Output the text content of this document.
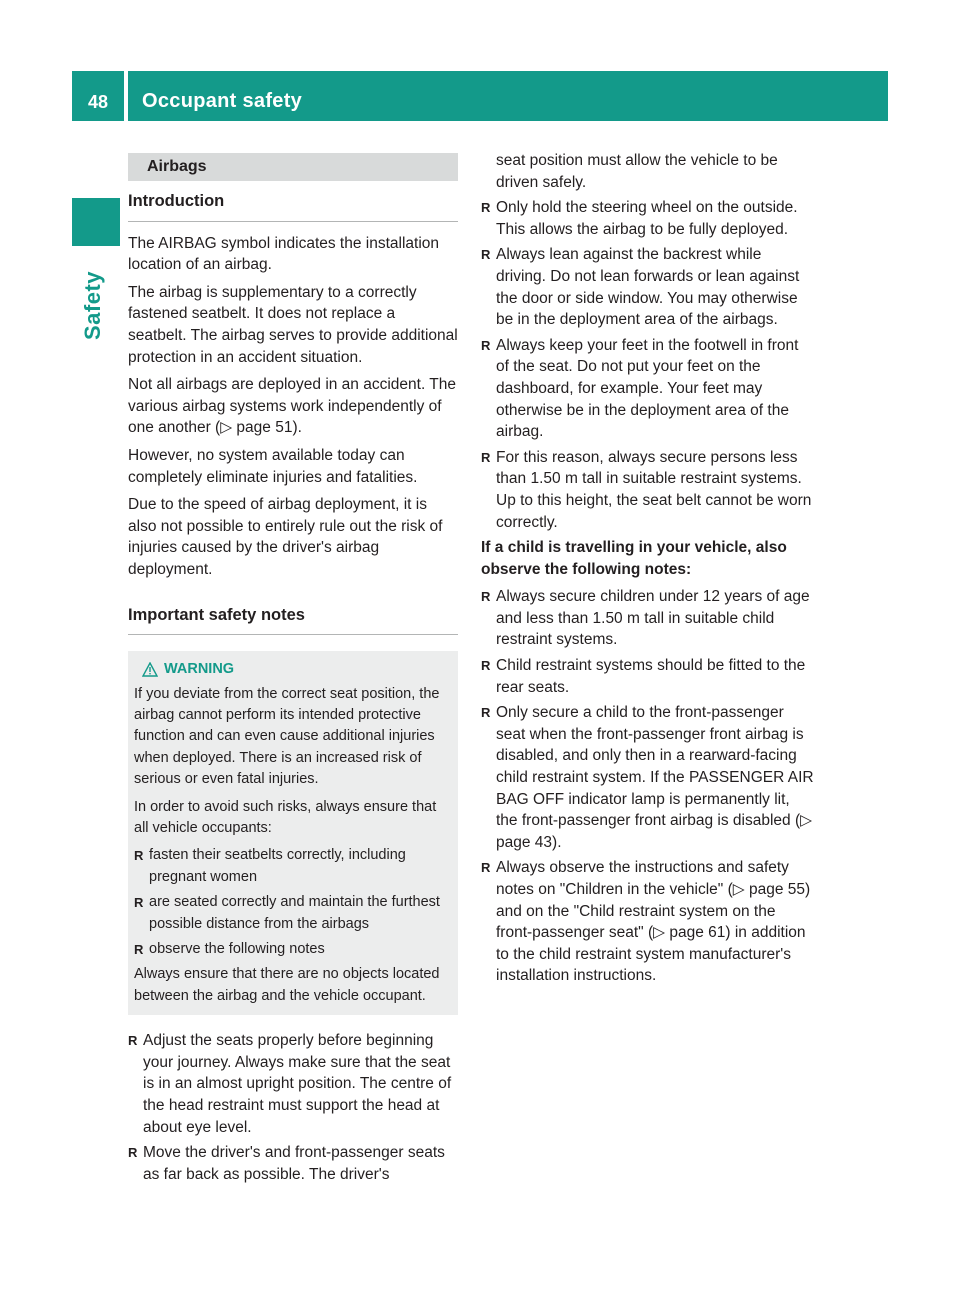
48	Occupant safety
Safety
Airbags
Introduction

The AIRBAG symbol indicates the installation location of an airbag.

The airbag is supplementary to a correctly fastened seatbelt. It does not replace a seatbelt. The airbag serves to provide additional protection in an accident situation.

Not all airbags are deployed in an accident. The various airbag systems work independently of one another (▷ page 51).

However, no system available today can completely eliminate injuries and fatalities.

Due to the speed of airbag deployment, it is also not possible to entirely rule out the risk of injuries caused by the driver's airbag deployment.

Important safety notes
WARNING

If you deviate from the correct seat position, the airbag cannot perform its intended protective function and can even cause additional injuries when deployed. There is an increased risk of serious or even fatal injuries.

In order to avoid such risks, always ensure that all vehicle occupants:

R fasten their seatbelts correctly, including pregnant women
R are seated correctly and maintain the furthest possible distance from the airbags
R observe the following notes

Always ensure that there are no objects located between the airbag and the vehicle occupant.

R Adjust the seats properly before beginning your journey. Always make sure that the seat is in an almost upright position. The centre of the head restraint must support the head at about eye level.
R Move the driver's and front-passenger seats as far back as possible. The driver's

seat position must allow the vehicle to be driven safely.

R Only hold the steering wheel on the outside. This allows the airbag to be fully deployed.
R Always lean against the backrest while driving. Do not lean forwards or lean against the door or side window. You may otherwise be in the deployment area of the airbags.
R Always keep your feet in the footwell in front of the seat. Do not put your feet on the dashboard, for example. Your feet may otherwise be in the deployment area of the airbag.
R For this reason, always secure persons less than 1.50 m tall in suitable restraint systems. Up to this height, the seat belt cannot be worn correctly.

If a child is travelling in your vehicle, also observe the following notes:

R Always secure children under 12 years of age and less than 1.50 m tall in suitable child restraint systems.
R Child restraint systems should be fitted to the rear seats.
R Only secure a child to the front-passenger seat when the front-passenger front airbag is disabled, and only then in a rearward-facing child restraint system. If the PASSENGER AIR BAG OFF indicator lamp is permanently lit, the front-passenger front airbag is disabled (▷ page 43).
R Always observe the instructions and safety notes on "Children in the vehicle" (▷ page 55) and on the "Child restraint system on the front-passenger seat" (▷ page 61) in addition to the child restraint system manufacturer's installation instructions.
